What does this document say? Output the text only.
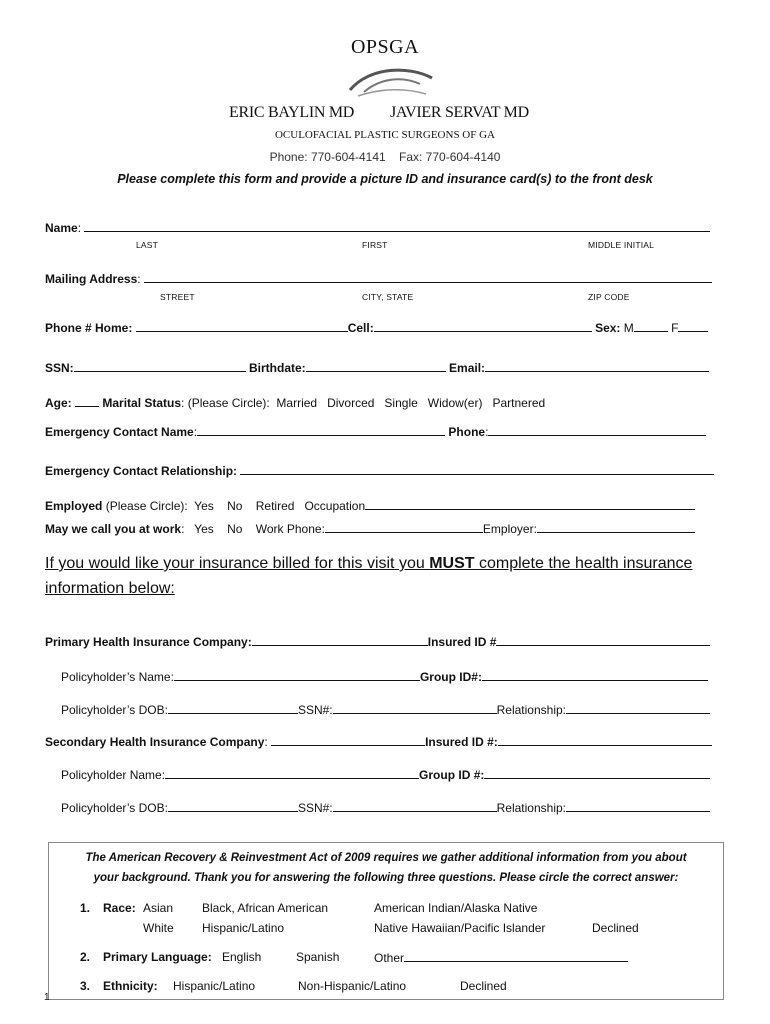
OPSGA
ERIC BAYLIN MD JAVIER SERVAT MD
OCULOFACIAL PLASTIC SURGEONS OF GA
Phone: 770-604-4141    Fax: 770-604-4140
Please complete this form and provide a picture ID and insurance card(s) to the front desk
Name:
LAST	FIRST	MIDDLE INITIAL
Mailing Address:
STREET	CITY, STATE	ZIP CODE
Phone # Home:	Cell:	Sex: M	F
SSN:	Birthdate:	Email:
Age:	Marital Status: (Please Circle):  Married   Divorced   Single   Widow(er)   Partnered
Emergency Contact Name:	Phone:
Emergency Contact Relationship:
Employed (Please Circle):  Yes    No    Retired   Occupation
May we call you at work:   Yes    No    Work Phone:	Employer:
If you would like your insurance billed for this visit you MUST complete the health insurance
information below:
Primary Health Insurance Company:	Insured ID #
Policyholder’s Name:	Group ID#:
Policyholder’s DOB:	SSN#:	Relationship:
Secondary Health Insurance Company:	Insured ID #:
Policyholder Name:	Group ID #:
Policyholder’s DOB:	SSN#:	Relationship:
The American Recovery & Reinvestment Act of 2009 requires we gather additional information from you about
your background. Thank you for answering the following three questions. Please circle the correct answer:
1. Race: Asian Black, African American	American Indian/Alaska Native
White Hispanic/Latino	Native Hawaiian/Pacific Islander	Declined
2. Primary Language: English	Spanish	Other
3. Ethnicity: Hispanic/Latino	Non-Hispanic/Latino	Declined
1
